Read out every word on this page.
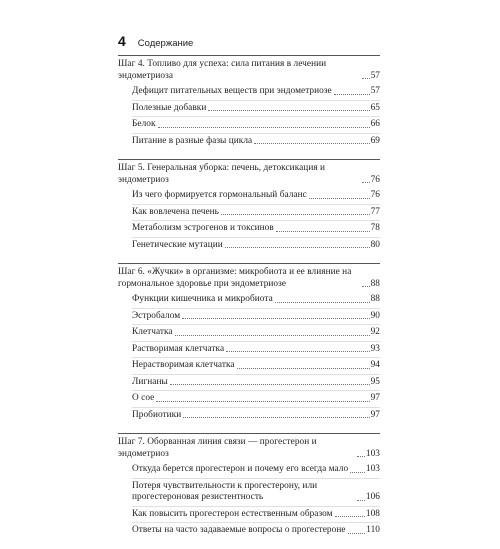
4 Содержание
Шаг 4. Топливо для успеха: сила питания в лечении эндометриоза	57
Дефицит питательных веществ при эндометриозе	57
Полезные добавки	65
Белок	66
Питание в разные фазы цикла	69
Шаг 5. Генеральная уборка: печень, детоксикация и эндометриоз	76
Из чего формируется гормональный баланс	76
Как вовлечена печень	77
Метаболизм эстрогенов и токсинов	78
Генетические мутации	80
Шаг 6. «Жучки» в организме: микробиота и ее влияние на гормональное здоровье при эндометриозе	88
Функции кишечника и микробиота	88
Эстробалом	90
Клетчатка	92
Растворимая клетчатка	93
Нерастворимая клетчатка	94
Лигнаны	95
О сое	97
Пробиотики	97
Шаг 7. Оборванная линия связи — прогестерон и эндометриоз	103
Откуда берется прогестерон и почему его всегда мало 103
Потеря чувствительности к прогестерону, или прогестероновая резистентность	106
Как повысить прогестерон естественным образом	108
Ответы на часто задаваемые вопросы о прогестероне 110
